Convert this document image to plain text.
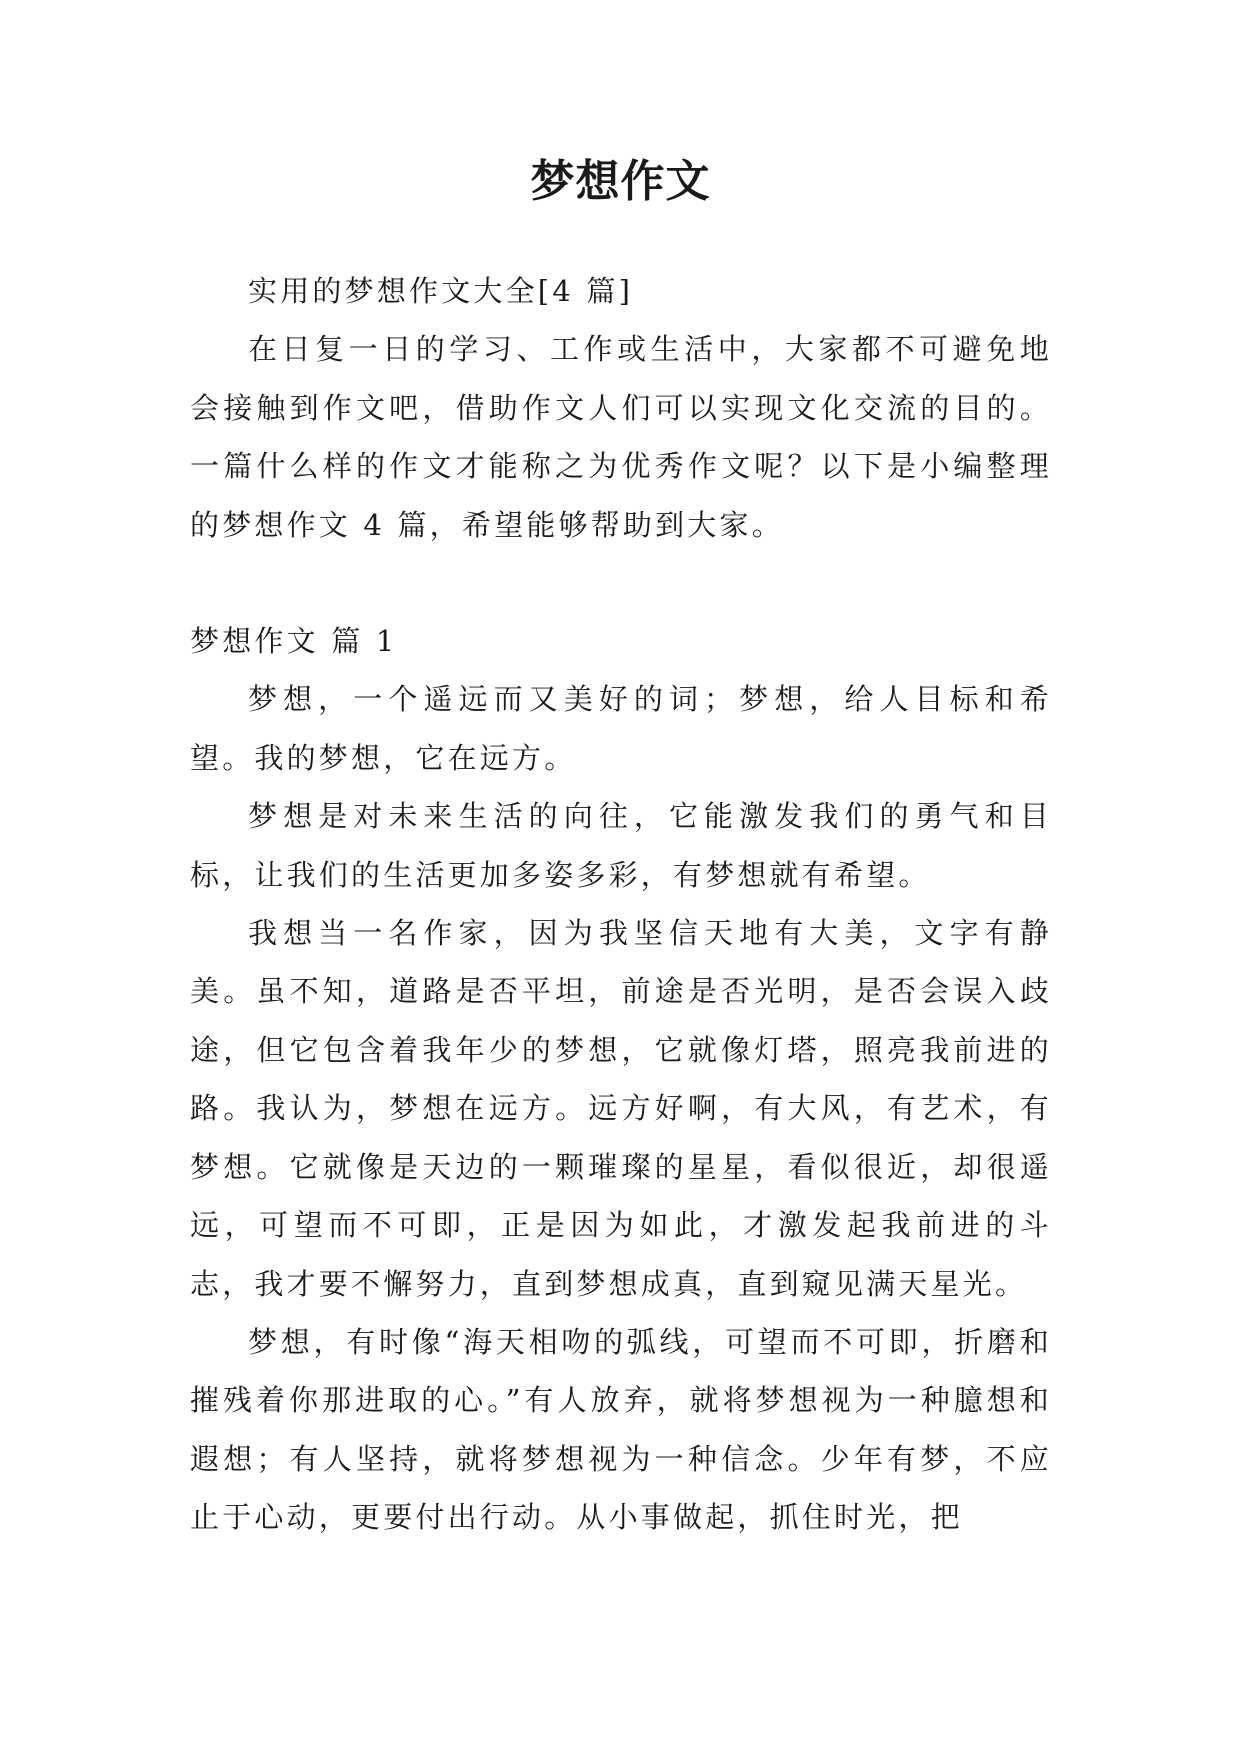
梦想作文

实用的梦想作文大全[4 篇]

在日复一日的学习、工作或生活中，大家都不可避免地会接触到作文吧，借助作文人们可以实现文化交流的目的。一篇什么样的作文才能称之为优秀作文呢？以下是小编整理的梦想作文 4 篇，希望能够帮助到大家。

梦想作文 篇 1

梦想，一个遥远而又美好的词；梦想，给人目标和希望。我的梦想，它在远方。

梦想是对未来生活的向往，它能激发我们的勇气和目标，让我们的生活更加多姿多彩，有梦想就有希望。

我想当一名作家，因为我坚信天地有大美，文字有静美。虽不知，道路是否平坦，前途是否光明，是否会误入歧途，但它包含着我年少的梦想，它就像灯塔，照亮我前进的路。我认为，梦想在远方。远方好啊，有大风，有艺术，有梦想。它就像是天边的一颗璀璨的星星，看似很近，却很遥远，可望而不可即，正是因为如此，才激发起我前进的斗志，我才要不懈努力，直到梦想成真，直到窥见满天星光。

梦想，有时像“海天相吻的弧线，可望而不可即，折磨和摧残着你那进取的心。”有人放弃，就将梦想视为一种臆想和遐想；有人坚持，就将梦想视为一种信念。少年有梦，不应止于心动，更要付出行动。从小事做起，抓住时光，把
